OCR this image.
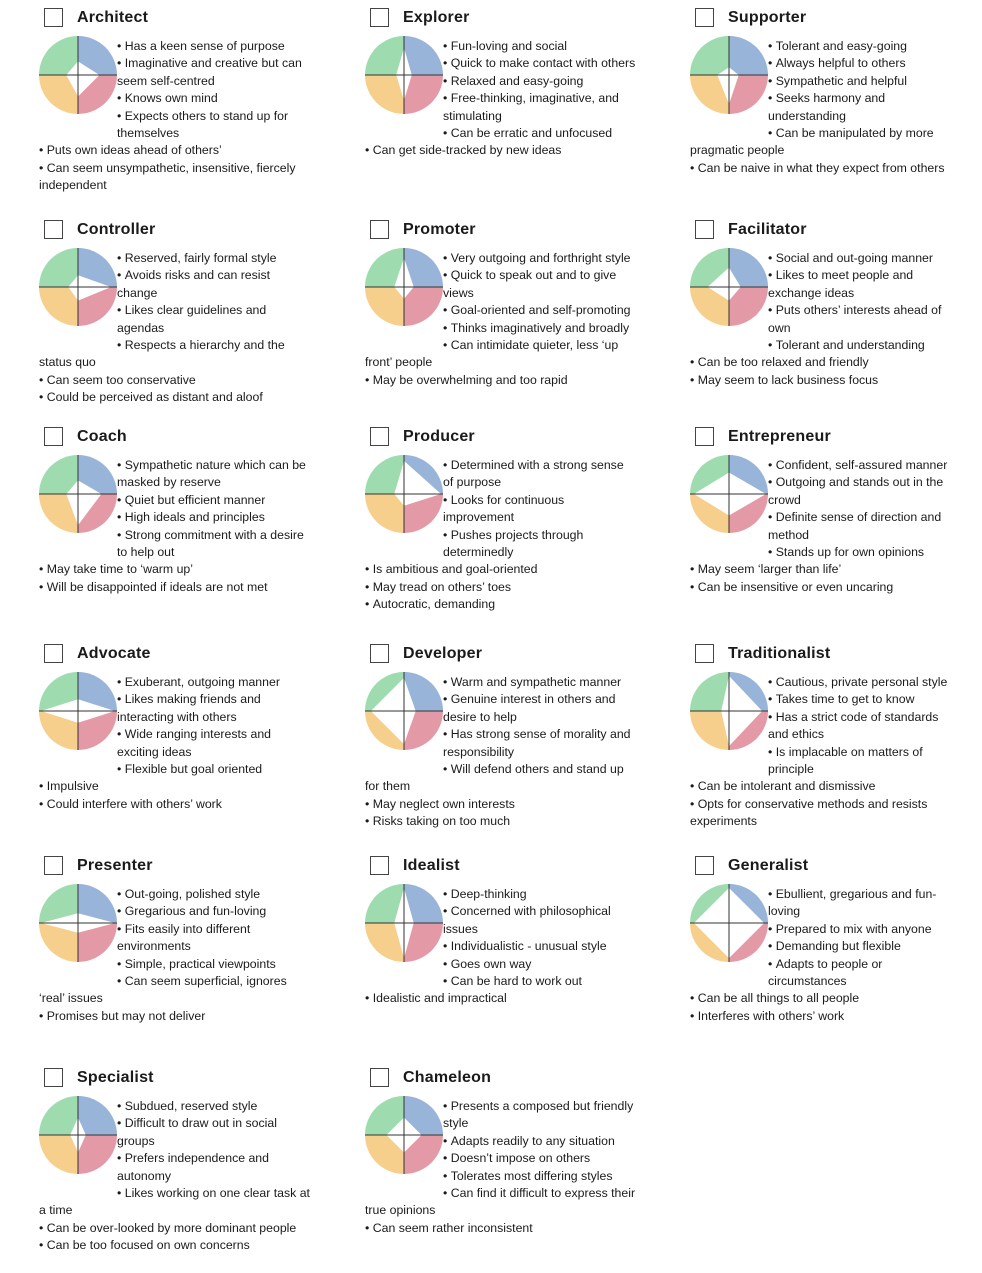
Architect
• Has a keen sense of purpose
• Imaginative and creative but can seem self-centred
• Knows own mind
• Expects others to stand up for themselves
• Puts own ideas ahead of others’
• Can seem unsympathetic, insensitive, fiercely independent
Explorer
• Fun-loving and social
• Quick to make contact with others
• Relaxed and easy-going
• Free-thinking, imaginative, and stimulating
• Can be erratic and unfocused
• Can get side-tracked by new ideas
Supporter
• Tolerant and easy-going
• Always helpful to others
• Sympathetic and helpful
• Seeks harmony and understanding
• Can be manipulated by more pragmatic people
• Can be naive in what they expect from others
Controller
• Reserved, fairly formal style
• Avoids risks and can resist change
• Likes clear guidelines and agendas
• Respects a hierarchy and the status quo
• Can seem too conservative
• Could be perceived as distant and aloof
Promoter
• Very outgoing and forthright style
• Quick to speak out and to give views
• Goal-oriented and self-promoting
• Thinks imaginatively and broadly
• Can intimidate quieter, less ‘up front’ people
• May be overwhelming and too rapid
Facilitator
• Social and out-going manner
• Likes to meet people and exchange ideas
• Puts others’ interests ahead of own
• Tolerant and understanding
• Can be too relaxed and friendly
• May seem to lack business focus
Coach
• Sympathetic nature which can be masked by reserve
• Quiet but efficient manner
• High ideals and principles
• Strong commitment with a desire to help out
• May take time to ‘warm up’
• Will be disappointed if ideals are not met
Producer
• Determined with a strong sense of purpose
• Looks for continuous improvement
• Pushes projects through determinedly
• Is ambitious and goal-oriented
• May tread on others’ toes
• Autocratic, demanding
Entrepreneur
• Confident, self-assured manner
• Outgoing and stands out in the crowd
• Definite sense of direction and method
• Stands up for own opinions
• May seem ‘larger than life’
• Can be insensitive or even uncaring
Advocate
• Exuberant, outgoing manner
• Likes making friends and interacting with others
• Wide ranging interests and exciting ideas
• Flexible but goal oriented
• Impulsive
• Could interfere with others’ work
Developer
• Warm and sympathetic manner
• Genuine interest in others and desire to help
• Has strong sense of morality and responsibility
• Will defend others and stand up for them
• May neglect own interests
• Risks taking on too much
Traditionalist
• Cautious, private personal style
• Takes time to get to know
• Has a strict code of standards and ethics
• Is implacable on matters of principle
• Can be intolerant and dismissive
• Opts for conservative methods and resists experiments
Presenter
• Out-going, polished style
• Gregarious and fun-loving
• Fits easily into different environments
• Simple, practical viewpoints
• Can seem superficial, ignores ‘real’ issues
• Promises but may not deliver
Idealist
• Deep-thinking
• Concerned with philosophical issues
• Individualistic - unusual style
• Goes own way
• Can be hard to work out
• Idealistic and impractical
Generalist
• Ebullient, gregarious and fun-loving
• Prepared to mix with anyone
• Demanding but flexible
• Adapts to people or circumstances
• Can be all things to all people
• Interferes with others’ work
Specialist
• Subdued, reserved style
• Difficult to draw out in social groups
• Prefers independence and autonomy
• Likes working on one clear task at a time
• Can be over-looked by more dominant people
• Can be too focused on own concerns
Chameleon
• Presents a composed but friendly style
• Adapts readily to any situation
• Doesn’t impose on others
• Tolerates most differing styles
• Can find it difficult to express their true opinions
• Can seem rather inconsistent
